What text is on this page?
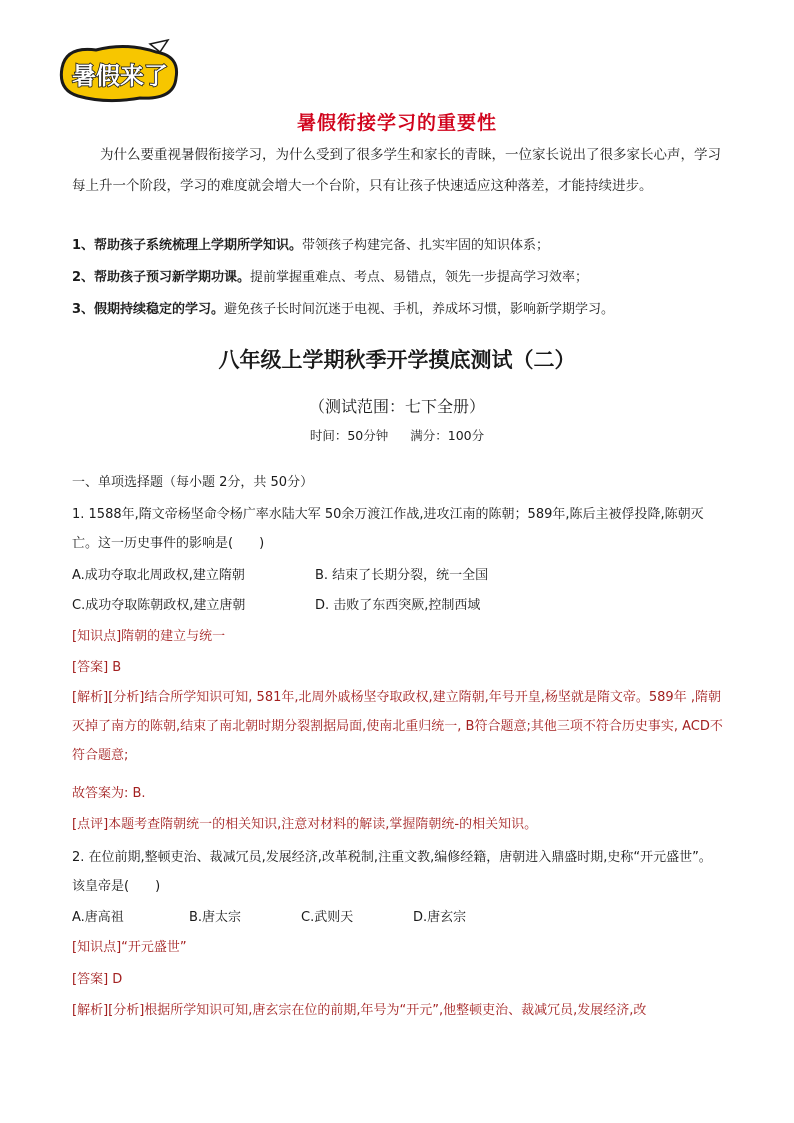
暑假来了
暑假衔接学习的重要性
为什么要重视暑假衔接学习，为什么受到了很多学生和家长的青睐，一位家长说出了很多家长心声，学习每上升一个阶段，学习的难度就会增大一个台阶，只有让孩子快速适应这种落差，才能持续进步。
1、帮助孩子系统梳理上学期所学知识。带领孩子构建完备、扎实牢固的知识体系；
2、帮助孩子预习新学期功课。提前掌握重难点、考点、易错点，领先一步提高学习效率；
3、假期持续稳定的学习。避免孩子长时间沉迷于电视、手机，养成坏习惯，影响新学期学习。
八年级上学期秋季开学摸底测试（二）
（测试范围：七下全册）
时间：50分钟 满分：100分
一、单项选择题（每小题 2分，共 50分）
1. 1588年,隋文帝杨坚命令杨广率水陆大军 50余万渡江作战,进攻江南的陈朝；589年,陈后主被俘投降,陈朝灭亡。这一历史事件的影响是(　　)
A.成功夺取北周政权,建立隋朝	B. 结束了长期分裂，统一全国
C.成功夺取陈朝政权,建立唐朝	D. 击败了东西突厥,控制西域
[知识点]隋朝的建立与统一
[答案] B
[解析][分析]结合所学知识可知, 581年,北周外戚杨坚夺取政权,建立隋朝,年号开皇,杨坚就是隋文帝。589年 ,隋朝灭掉了南方的陈朝,结束了南北朝时期分裂割据局面,使南北重归统一, B符合题意;其他三项不符合历史事实, ACD不符合题意;
故答案为: B.
[点评]本题考查隋朝统一的相关知识,注意对材料的解读,掌握隋朝统-的相关知识。
2. 在位前期,整顿吏治、裁减冗员,发展经济,改革税制,注重文教,编修经籍，唐朝进入鼎盛时期,史称“开元盛世”。该皇帝是(　　)
A.唐高祖	B.唐太宗	C.武则天	D.唐玄宗
[知识点]“开元盛世”
[答案] D
[解析][分析]根据所学知识可知,唐玄宗在位的前期,年号为“开元”,他整顿吏治、裁减冗员,发展经济,改
